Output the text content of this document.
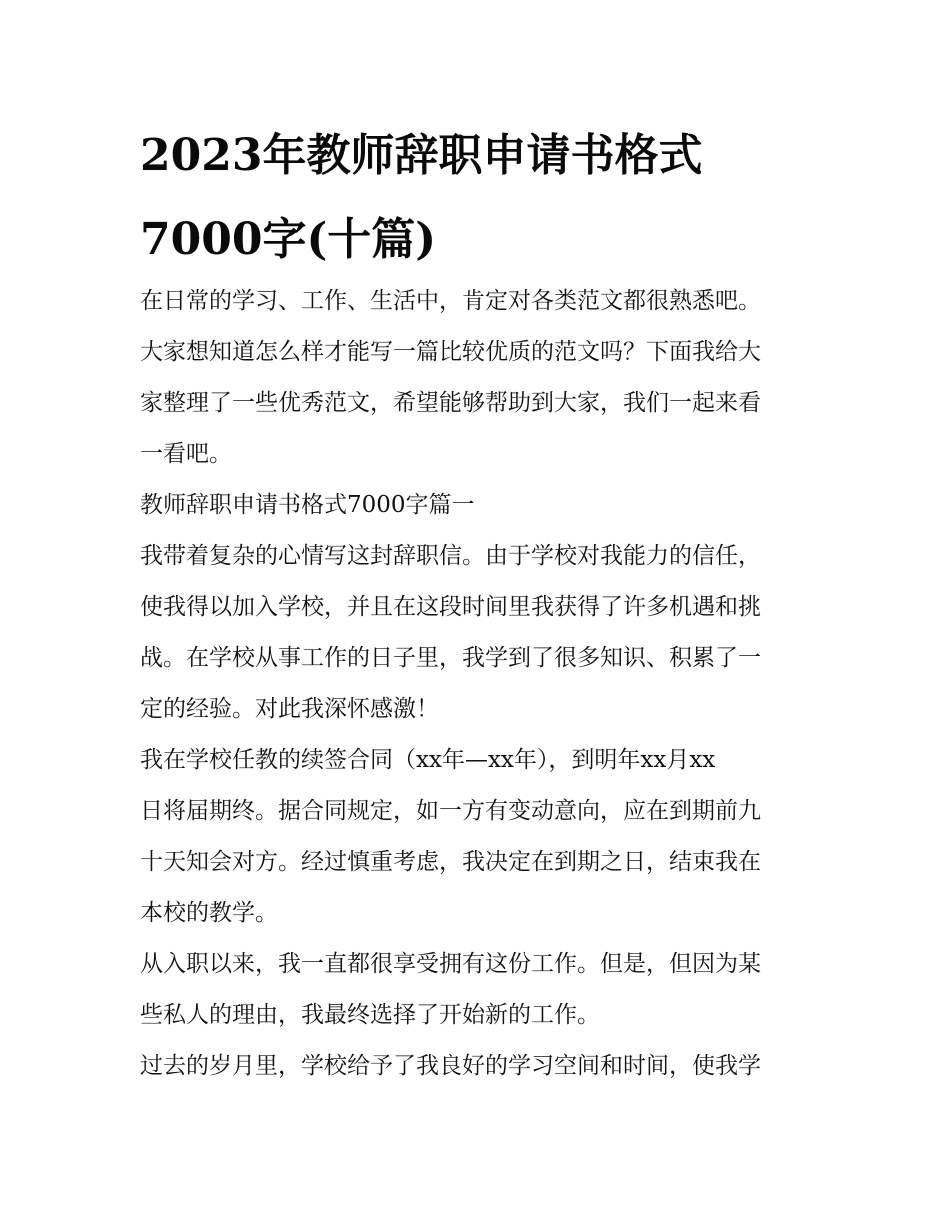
2023年教师辞职申请书格式
7000字(十篇)
在日常的学习、工作、生活中，肯定对各类范文都很熟悉吧。
大家想知道怎么样才能写一篇比较优质的范文吗？下面我给大
家整理了一些优秀范文，希望能够帮助到大家，我们一起来看
一看吧。
教师辞职申请书格式7000字篇一
我带着复杂的心情写这封辞职信。由于学校对我能力的信任，
使我得以加入学校，并且在这段时间里我获得了许多机遇和挑
战。在学校从事工作的日子里，我学到了很多知识、积累了一
定的经验。对此我深怀感激！
我在学校任教的续签合同（xx年—xx年），到明年xx月xx
日将届期终。据合同规定，如一方有变动意向，应在到期前九
十天知会对方。经过慎重考虑，我决定在到期之日，结束我在
本校的教学。
从入职以来，我一直都很享受拥有这份工作。但是，但因为某
些私人的理由，我最终选择了开始新的工作。
过去的岁月里，学校给予了我良好的学习空间和时间，使我学
